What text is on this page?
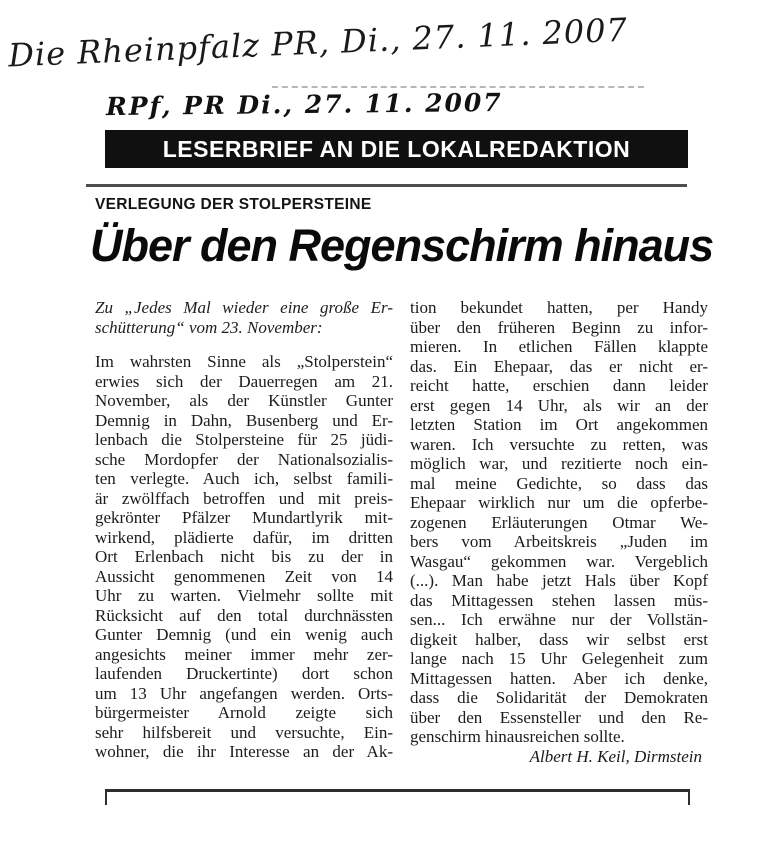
Die Rheinpfalz PR, Di., 27. 11. 2007
RPf, PR Di., 27. 11. 2007
LESERBRIEF AN DIE LOKALREDAKTION
VERLEGUNG DER STOLPERSTEINE
Über den Regenschirm hinaus
Zu „Jedes Mal wieder eine große Er-
schütterung“ vom 23. November:
Im wahrsten Sinne als „Stolperstein“
erwies sich der Dauerregen am 21.
November, als der Künstler Gunter
Demnig in Dahn, Busenberg und Er-
lenbach die Stolpersteine für 25 jüdi-
sche Mordopfer der Nationalsozialis-
ten verlegte. Auch ich, selbst famili-
är zwölffach betroffen und mit preis-
gekrönter Pfälzer Mundartlyrik mit-
wirkend, plädierte dafür, im dritten
Ort Erlenbach nicht bis zu der in
Aussicht genommenen Zeit von 14
Uhr zu warten. Vielmehr sollte mit
Rücksicht auf den total durchnässten
Gunter Demnig (und ein wenig auch
angesichts meiner immer mehr zer-
laufenden Druckertinte) dort schon
um 13 Uhr angefangen werden. Orts-
bürgermeister Arnold zeigte sich
sehr hilfsbereit und versuchte, Ein-
wohner, die ihr Interesse an der Ak-
tion bekundet hatten, per Handy
über den früheren Beginn zu infor-
mieren. In etlichen Fällen klappte
das. Ein Ehepaar, das er nicht er-
reicht hatte, erschien dann leider
erst gegen 14 Uhr, als wir an der
letzten Station im Ort angekommen
waren. Ich versuchte zu retten, was
möglich war, und rezitierte noch ein-
mal meine Gedichte, so dass das
Ehepaar wirklich nur um die opferbe-
zogenen Erläuterungen Otmar We-
bers vom Arbeitskreis „Juden im
Wasgau“ gekommen war. Vergeblich
(...). Man habe jetzt Hals über Kopf
das Mittagessen stehen lassen müs-
sen... Ich erwähne nur der Vollstän-
digkeit halber, dass wir selbst erst
lange nach 15 Uhr Gelegenheit zum
Mittagessen hatten. Aber ich denke,
dass die Solidarität der Demokraten
über den Essensteller und den Re-
genschirm hinausreichen sollte.
Albert H. Keil, Dirmstein
